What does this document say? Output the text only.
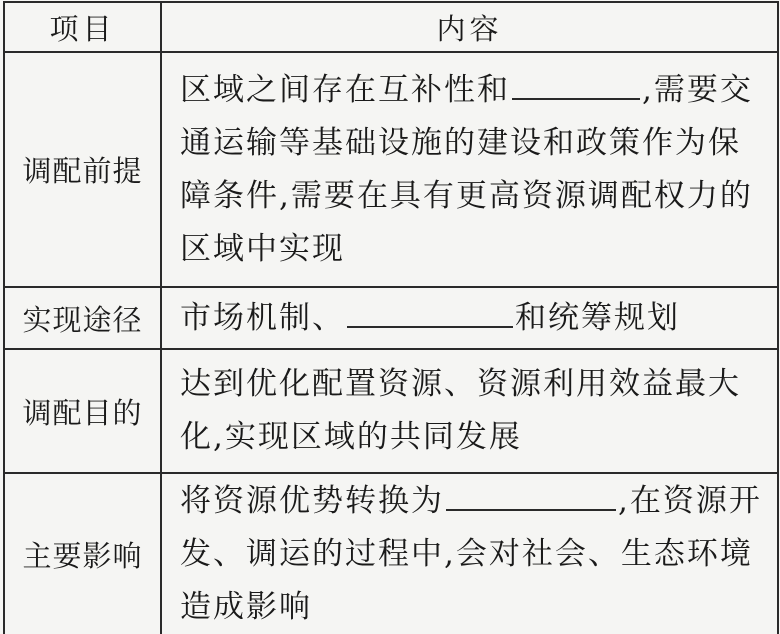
项目	内容
调配前提	区域之间存在互补性和 ,需要交通运输等基础设施的建设和政策作为保障条件,需要在具有更高资源调配权力的区域中实现
实现途径	市场机制、 和统筹规划
调配目的	达到优化配置资源、资源利用效益最大化,实现区域的共同发展
主要影响	将资源优势转换为 ,在资源开发、调运的过程中,会对社会、生态环境造成影响
